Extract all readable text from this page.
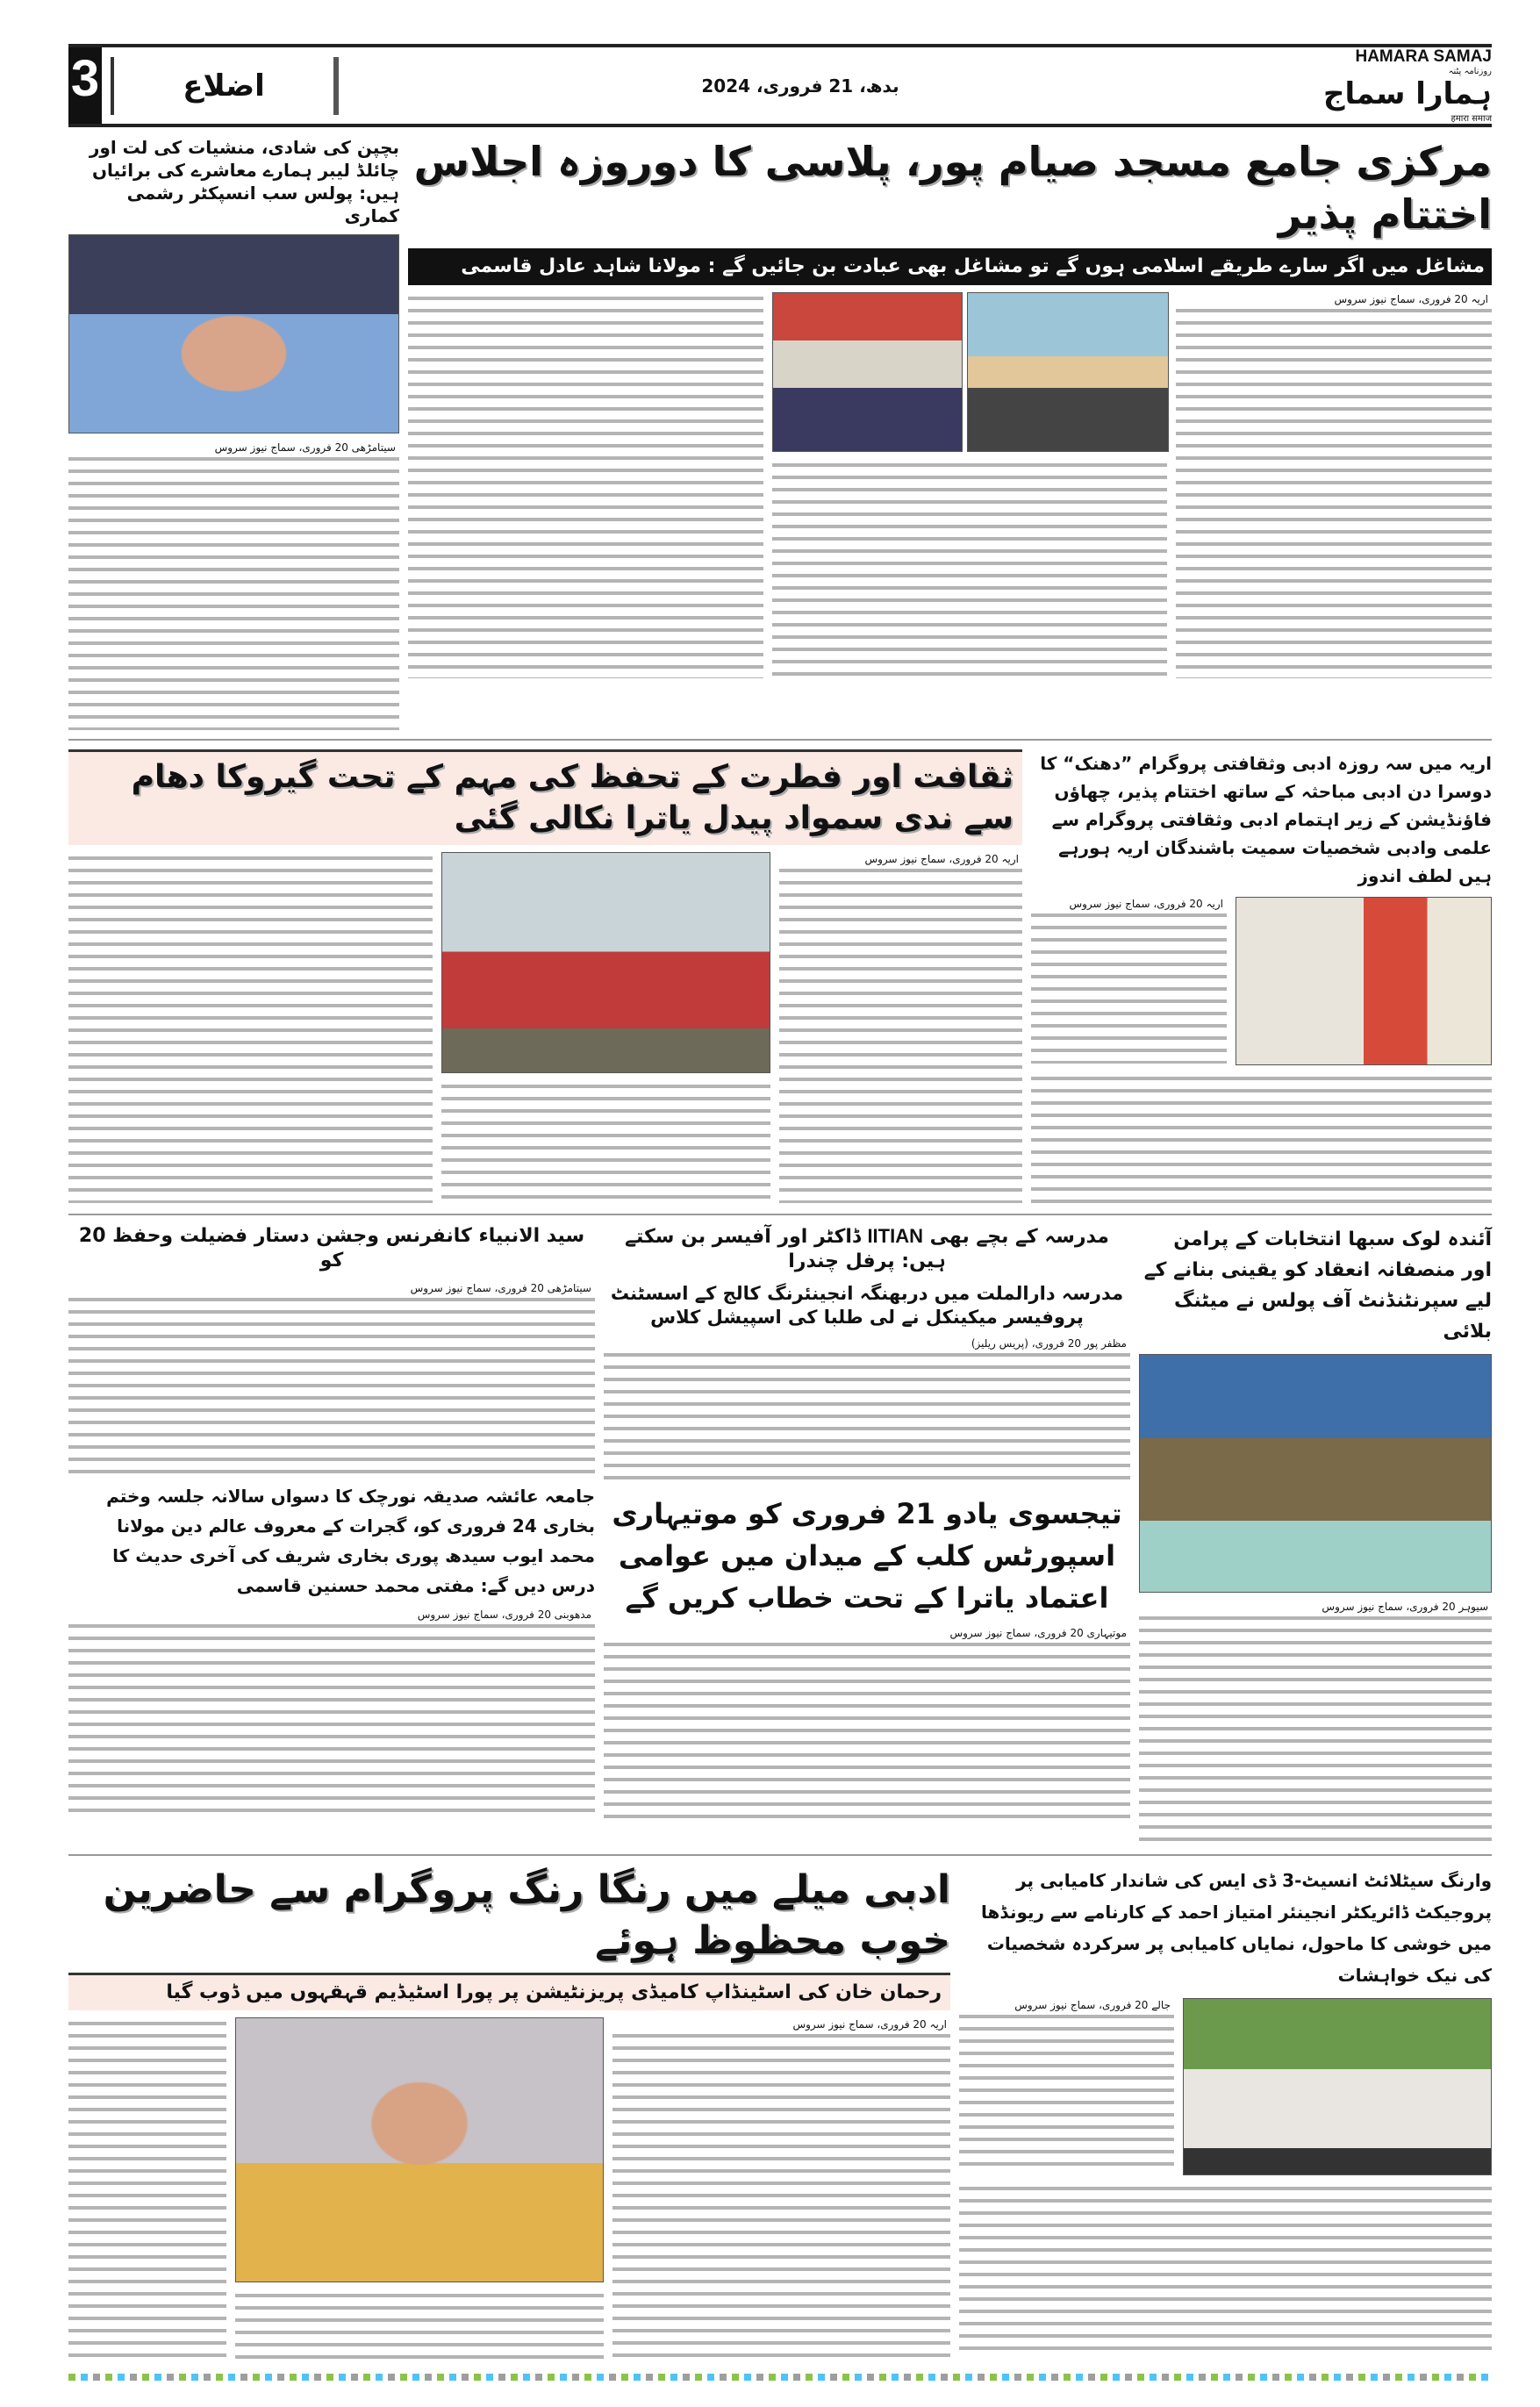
3	اضلاع	بدھ، 21 فروری، 2024
HAMARA SAMAJ
روزنامہ پٹنہ
ہمارا سماج
हमारा समाज
بچپن کی شادی، منشیات کی لت اور چائلڈ لیبر ہمارے معاشرے کی برائیاں ہیں: پولس سب انسپکٹر رشمی کماری
سیتامڑھی 20 فروری، سماج نیوز سروس
مرکزی جامع مسجد صیام پور، پلاسی کا دوروزہ اجلاس اختتام پذیر
مشاغل میں اگر سارے طریقے اسلامی ہوں گے تو مشاغل بھی عبادت بن جائیں گے : مولانا شاہد عادل قاسمی
اریہ 20 فروری، سماج نیوز سروس
ثقافت اور فطرت کے تحفظ کی مہم کے تحت گیروکا دھام سے ندی سمواد پیدل یاترا نکالی گئی
اریہ 20 فروری، سماج نیوز سروس
اریہ میں سہ روزہ ادبی وثقافتی پروگرام ”دھنک“ کا دوسرا دن ادبی مباحثہ کے ساتھ اختتام پذیر، چھاؤں فاؤنڈیشن کے زیر اہتمام ادبی وثقافتی پروگرام سے علمی وادبی شخصیات سمیت باشندگان اریہ ہورہے ہیں لطف اندوز
اریہ 20 فروری، سماج نیوز سروس
سید الانبیاء کانفرنس وجشن دستار فضیلت وحفظ 20 کو
سیتامڑھی 20 فروری، سماج نیوز سروس
جامعہ عائشہ صدیقہ نورچک کا دسواں سالانہ جلسہ وختم بخاری 24 فروری کو، گجرات کے معروف عالم دین مولانا محمد ایوب سیدھ پوری بخاری شریف کی آخری حدیث کا درس دیں گے: مفتی محمد حسنین قاسمی
مدھوبنی 20 فروری، سماج نیوز سروس
مدرسہ کے بچے بھی IITIAN ڈاکٹر اور آفیسر بن سکتے ہیں: پرفل چندرا
مدرسہ دارالملت میں دربھنگہ انجینئرنگ کالج کے اسسٹنٹ پروفیسر میکینکل نے لی طلبا کی اسپیشل کلاس
مظفر پور 20 فروری، (پریس ریلیز)
تیجسوی یادو 21 فروری کو موتیہاری اسپورٹس کلب کے میدان میں عوامی اعتماد یاترا کے تحت خطاب کریں گے
موتیہاری 20 فروری، سماج نیوز سروس
آئندہ لوک سبھا انتخابات کے پرامن اور منصفانہ انعقاد کو یقینی بنانے کے لیے سپرنٹنڈنٹ آف پولس نے میٹنگ بلائی
سیوہر 20 فروری، سماج نیوز سروس
ادبی میلے میں رنگا رنگ پروگرام سے حاضرین خوب محظوظ ہوئے
رحمان خان کی اسٹینڈاپ کامیڈی پریزنٹیشن پر پورا اسٹیڈیم قہقہوں میں ڈوب گیا
اریہ 20 فروری، سماج نیوز سروس
وارنگ سیٹلائٹ انسیٹ-3 ڈی ایس کی شاندار کامیابی پر پروجیکٹ ڈائریکٹر انجینئر امتیاز احمد کے کارنامے سے ریونڈھا میں خوشی کا ماحول، نمایاں کامیابی پر سرکردہ شخصیات کی نیک خواہشات
جالے 20 فروری، سماج نیوز سروس
